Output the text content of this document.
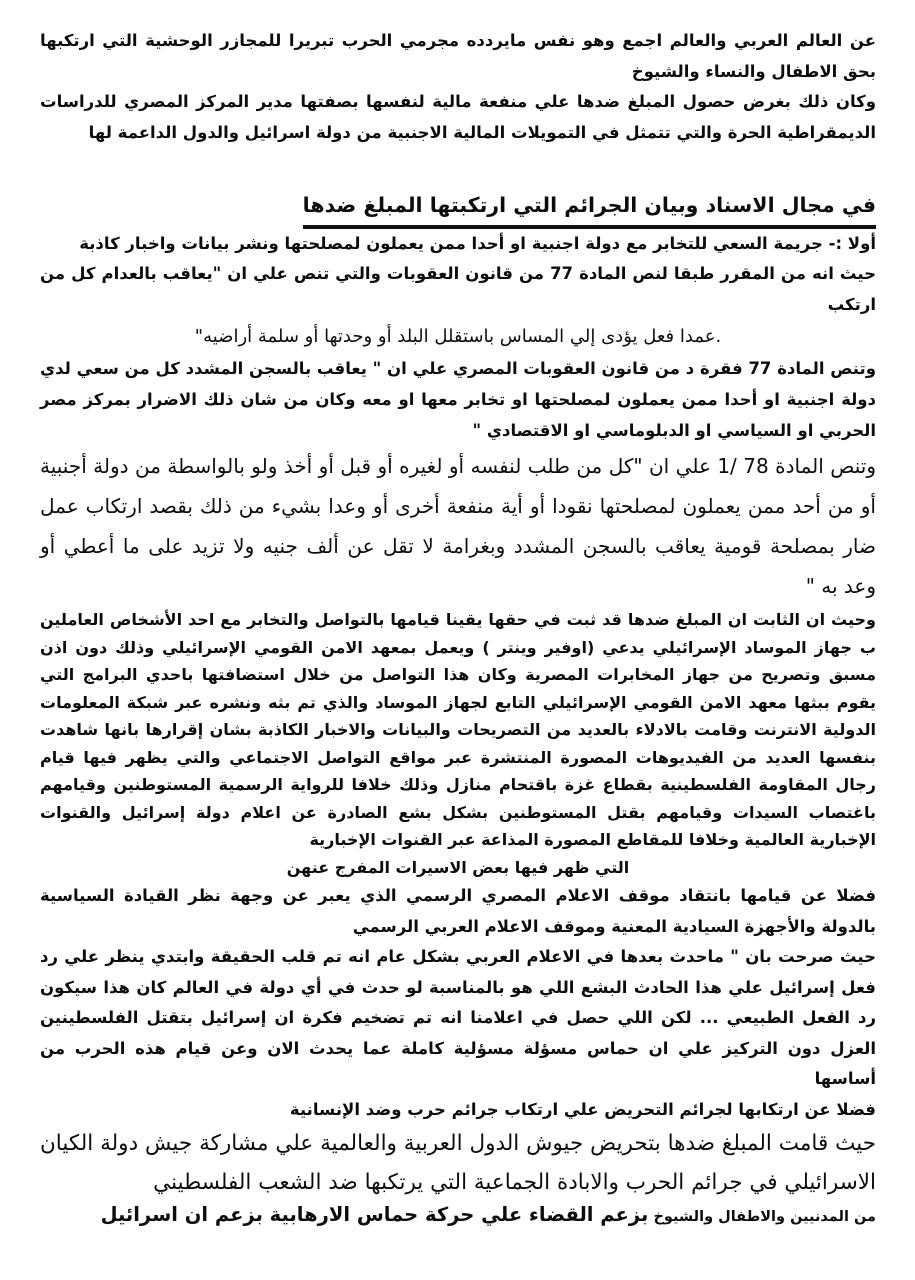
عن العالم العربي والعالم اجمع وهو نفس مايردده مجرمي الحرب تبريرا للمجازر الوحشية التي ارتكبها بحق الاطفال والنساء والشيوخ

وكان ذلك بغرض حصول المبلغ ضدها علي منفعة مالية لنفسها بصفتها مدير المركز المصري للدراسات الديمقراطية الحرة والتي تتمثل في التمويلات المالية الاجنبية من دولة اسرائيل والدول الداعمة لها

في مجال الاسناد وبيان الجرائم التي ارتكبتها المبلغ ضدها

أولا :- جريمة السعي للتخابر مع دولة اجنبية او أحدا ممن يعملون لمصلحتها ونشر بيانات واخبار كاذبة

حيث انه من المقرر طبقا لنص المادة 77 من قانون العقوبات والتي تنص علي ان "يعاقب بالعدام كل من ارتكب

.عمدا فعل يؤدى إلي المساس باستقلل البلد أو وحدتها أو سلمة أراضيه"

وتنص المادة 77 فقرة د من قانون العقوبات المصري علي ان " يعاقب بالسجن المشدد كل من سعي لدي دولة اجنبية او أحدا ممن يعملون لمصلحتها او تخابر معها او معه وكان من شان ذلك الاضرار بمركز مصر الحربي او السياسي او الدبلوماسي او الاقتصادي "

وتنص المادة 78 /1 علي ان "كل من طلب لنفسه أو لغيره أو قبل أو أخذ ولو بالواسطة من دولة أجنبية أو من أحد ممن يعملون لمصلحتها نقودا أو أية منفعة أخرى أو وعدا بشيء من ذلك بقصد ارتكاب عمل ضار بمصلحة قومية يعاقب بالسجن المشدد وبغرامة لا تقل عن ألف جنيه ولا تزيد على ما أعطي أو وعد به "

وحيث ان الثابت ان المبلغ ضدها قد ثبت في حقها يقينا قيامها بالتواصل والتخابر مع احد الأشخاص العاملين ب جهاز الموساد الإسرائيلي يدعي (اوفير وينتر ) ويعمل بمعهد الامن القومي الإسرائيلي وذلك دون اذن مسبق وتصريح من جهاز المخابرات المصرية وكان هذا التواصل من خلال استضافتها باحدي البرامج التي يقوم ببثها معهد الامن القومي الإسرائيلي التابع لجهاز الموساد والذي تم بثه ونشره عبر شبكة المعلومات الدولية الانترنت وقامت بالادلاء بالعديد من التصريحات والبيانات والاخبار الكاذبة بشان إقرارها بانها شاهدت بنفسها العديد من الفيديوهات المصورة المنتشرة عبر مواقع التواصل الاجتماعي والتي يظهر فيها قيام رجال المقاومة الفلسطينية بقطاع غزة باقتحام منازل وذلك خلافا للرواية الرسمية المستوطنين وقيامهم باغتصاب السيدات وقيامهم بقتل المستوطنين بشكل بشع الصادرة عن اعلام دولة إسرائيل والقنوات الإخبارية العالمية وخلافا للمقاطع المصورة المذاعة عبر القنوات الإخبارية

التي ظهر فيها بعض الاسيرات المفرج عنهن

فضلا عن قيامها بانتقاد موقف الاعلام المصري الرسمي الذي يعبر عن وجهة نظر القيادة السياسية بالدولة والأجهزة السيادية المعنية وموقف الاعلام العربي الرسمي

حيث صرحت بان " ماحدث بعدها في الاعلام العربي بشكل عام انه تم قلب الحقيقة وابتدي ينظر علي رد فعل إسرائيل علي هذا الحادث البشع اللي هو بالمناسبة لو حدث في أي دولة في العالم كان هذا سيكون رد الفعل الطبيعي ... لكن اللي حصل في اعلامنا انه تم تضخيم فكرة ان إسرائيل بتقتل الفلسطينين العزل دون التركيز علي ان حماس مسؤلة مسؤلية كاملة عما يحدث الان وعن قيام هذه الحرب من أساسها

فضلا عن ارتكابها لجرائم التحريض علي ارتكاب جرائم حرب وضد الإنسانية

حيث قامت المبلغ ضدها بتحريض جيوش الدول العربية والعالمية علي مشاركة جيش دولة الكيان الاسرائيلي في جرائم الحرب والابادة الجماعية التي يرتكبها ضد الشعب الفلسطيني

من المدنيين والاطفال والشيوخ بزعم القضاء علي حركة حماس الارهابية بزعم ان اسرائيل
